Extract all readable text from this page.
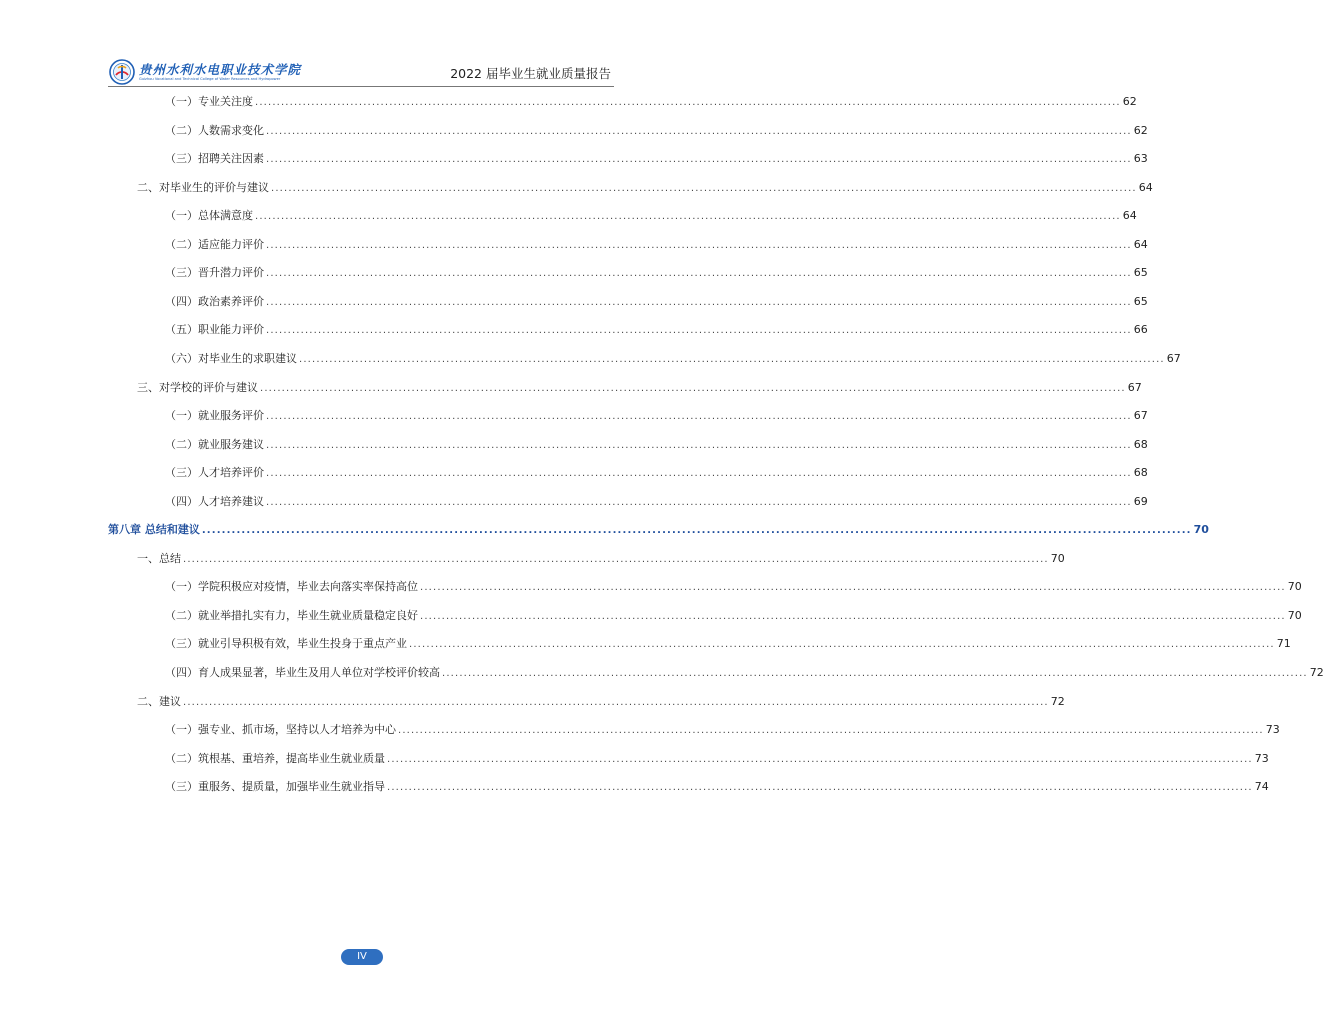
贵州水利水电职业技术学院
Guizhou Vocational and Technical College of Water Resources and Hydropower	2022 届毕业生就业质量报告
（一）专业关注度 ........................................................................................................................................................................................................ 62
（二）人数需求变化 ........................................................................................................................................................................................................ 62
（三）招聘关注因素 ........................................................................................................................................................................................................ 63
二、对毕业生的评价与建议 ........................................................................................................................................................................................................ 64
（一）总体满意度 ........................................................................................................................................................................................................ 64
（二）适应能力评价 ........................................................................................................................................................................................................ 64
（三）晋升潜力评价 ........................................................................................................................................................................................................ 65
（四）政治素养评价 ........................................................................................................................................................................................................ 65
（五）职业能力评价 ........................................................................................................................................................................................................ 66
（六）对毕业生的求职建议 ........................................................................................................................................................................................................ 67
三、对学校的评价与建议 ........................................................................................................................................................................................................ 67
（一）就业服务评价 ........................................................................................................................................................................................................ 67
（二）就业服务建议 ........................................................................................................................................................................................................ 68
（三）人才培养评价 ........................................................................................................................................................................................................ 68
（四）人才培养建议 ........................................................................................................................................................................................................ 69
第八章 总结和建议 ........................................................................................................................................................................................................ 70
一、总结 ........................................................................................................................................................................................................ 70
（一）学院积极应对疫情，毕业去向落实率保持高位 ........................................................................................................................................................................................................ 70
（二）就业举措扎实有力，毕业生就业质量稳定良好 ........................................................................................................................................................................................................ 70
（三）就业引导积极有效，毕业生投身于重点产业 ........................................................................................................................................................................................................ 71
（四）育人成果显著，毕业生及用人单位对学校评价较高 ........................................................................................................................................................................................................ 72
二、建议 ........................................................................................................................................................................................................ 72
（一）强专业、抓市场，坚持以人才培养为中心 ........................................................................................................................................................................................................ 73
（二）筑根基、重培养，提高毕业生就业质量 ........................................................................................................................................................................................................ 73
（三）重服务、提质量，加强毕业生就业指导 ........................................................................................................................................................................................................ 74
IV
